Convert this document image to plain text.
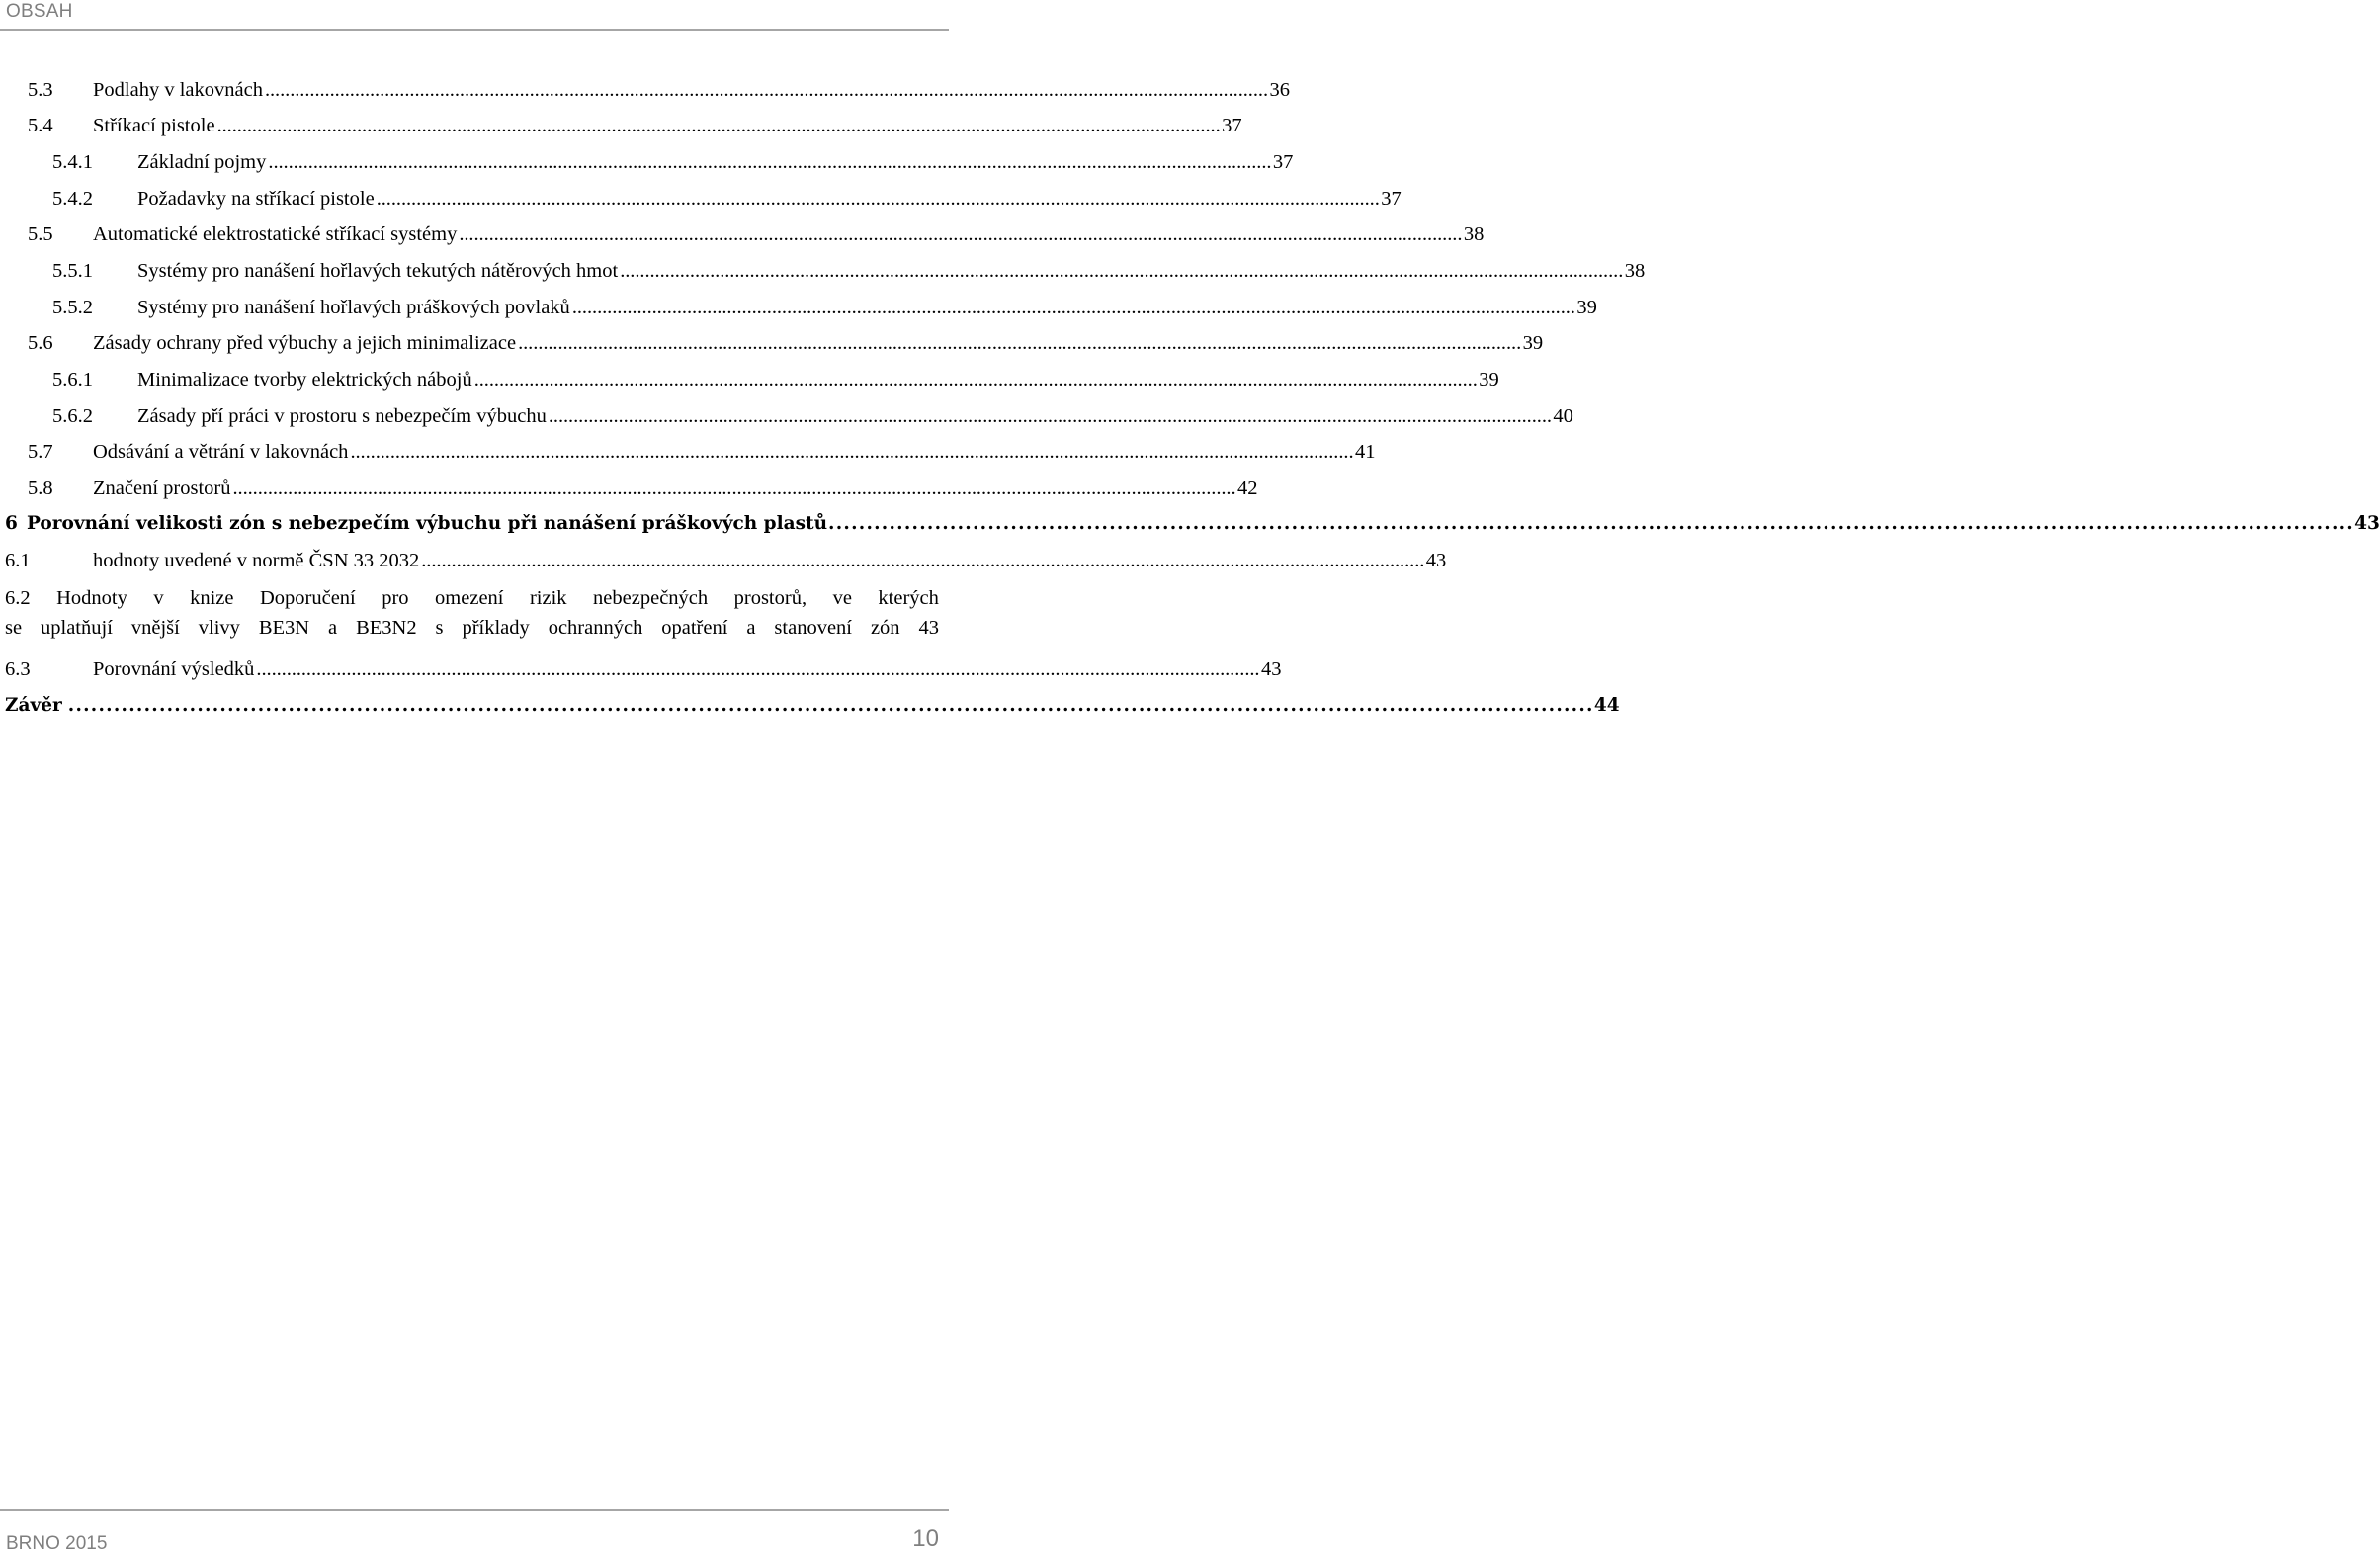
OBSAH
5.3	Podlahy v lakovnách . . .	36
5.4	Stříkací pistole . . .	37
5.4.1	Základní pojmy . . .	37
5.4.2	Požadavky na stříkací pistole . . .	37
5.5	Automatické elektrostatické stříkací systémy . . .	38
5.5.1	Systémy pro nanášení hořlavých tekutých nátěrových hmot . . .	38
5.5.2	Systémy pro nanášení hořlavých práškových povlaků . . .	39
5.6	Zásady ochrany před výbuchy a jejich minimalizace . . .	39
5.6.1	Minimalizace tvorby elektrických nábojů . . .	39
5.6.2	Zásady pří práci v prostoru s nebezpečím výbuchu . . .	40
5.7	Odsávání a větrání v lakovnách . . .	41
5.8	Značení prostorů . . .	42
6 Porovnání velikosti zón s nebezpečím výbuchu při nanášení práškových plastů . . .	43
6.1	hodnoty uvedené v normě ČSN 33 2032 . . .	43
6.2 Hodnoty v knize Doporučení pro omezení rizik nebezpečných prostorů, ve kterých
se uplatňují vnější vlivy BE3N a BE3N2 s příklady ochranných opatření a stanovení zón 43
6.3	Porovnání výsledků . . .	43
Závěr . . .	44
BRNO 2015	10
